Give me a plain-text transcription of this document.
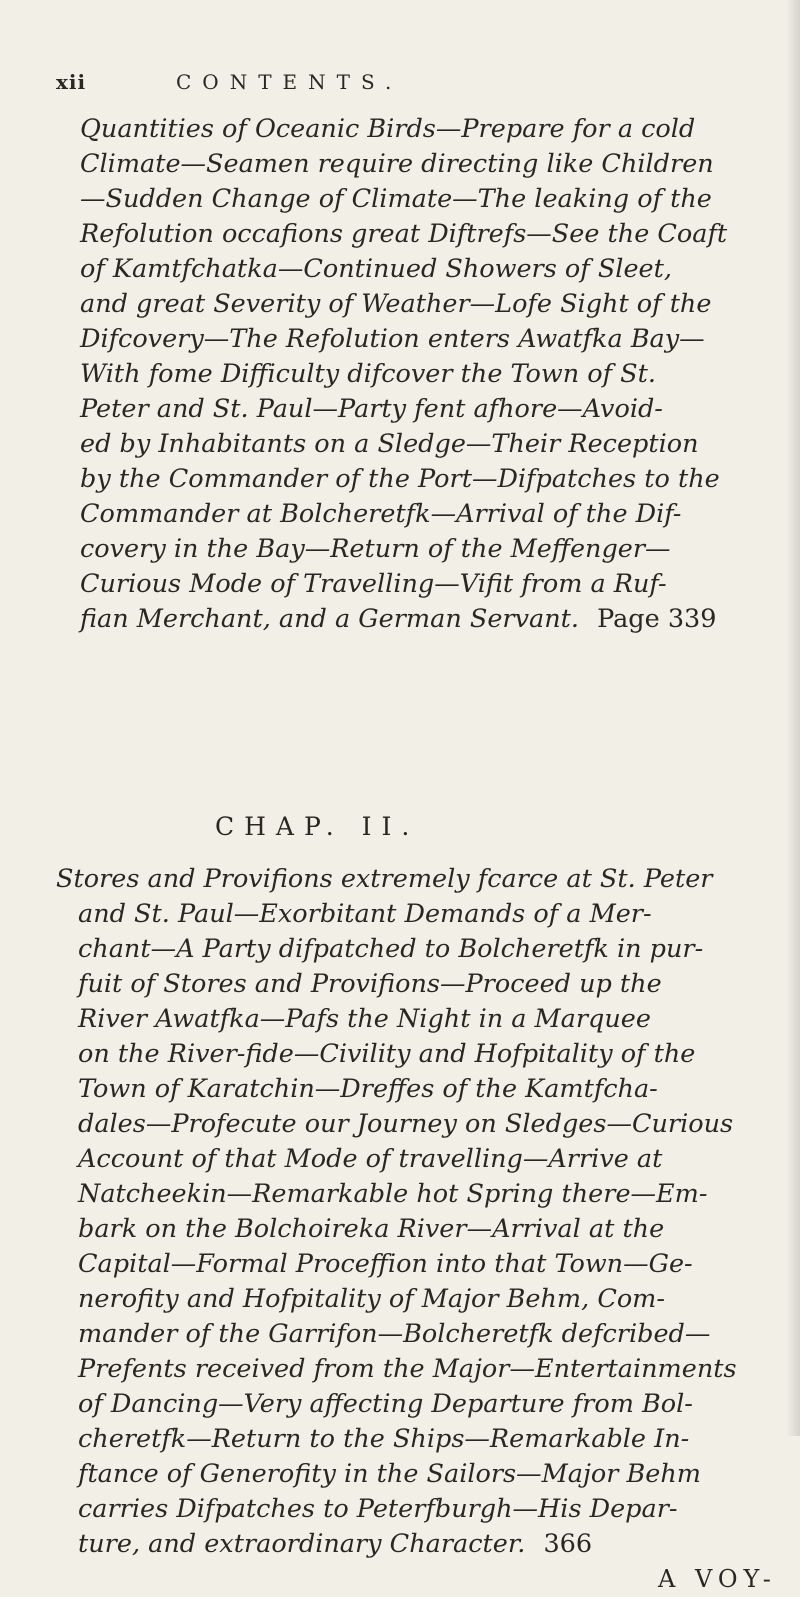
xii	CONTENTS.
Quantities of Oceanic Birds—Prepare for a cold
Climate—Seamen require directing like Children
—Sudden Change of Climate—The leaking of the
Refolution occafions great Diftrefs—See the Coaft
of Kamtfchatka—Continued Showers of Sleet,
and great Severity of Weather—Lofe Sight of the
Difcovery—The Refolution enters Awatfka Bay—
With fome Difficulty difcover the Town of St.
Peter and St. Paul—Party fent afhore—Avoid-
ed by Inhabitants on a Sledge—Their Reception
by the Commander of the Port—Difpatches to the
Commander at Bolcheretfk—Arrival of the Dif-
covery in the Bay—Return of the Meffenger—
Curious Mode of Travelling—Vifit from a Ruf-
fian Merchant, and a German Servant. Page 339
CHAP. II.
Stores and Provifions extremely fcarce at St. Peter
and St. Paul—Exorbitant Demands of a Mer-
chant—A Party difpatched to Bolcheretfk in pur-
fuit of Stores and Provifions—Proceed up the
River Awatfka—Pafs the Night in a Marquee
on the River-fide—Civility and Hofpitality of the
Town of Karatchin—Dreffes of the Kamtfcha-
dales—Profecute our Journey on Sledges—Curious
Account of that Mode of travelling—Arrive at
Natcheekin—Remarkable hot Spring there—Em-
bark on the Bolchoireka River—Arrival at the
Capital—Formal Proceffion into that Town—Ge-
nerofity and Hofpitality of Major Behm, Com-
mander of the Garrifon—Bolcheretfk defcribed—
Prefents received from the Major—Entertainments
of Dancing—Very affecting Departure from Bol-
cheretfk—Return to the Ships—Remarkable In-
ftance of Generofity in the Sailors—Major Behm
carries Difpatches to Peterfburgh—His Depar-
ture, and extraordinary Character. 366
A VOY-
